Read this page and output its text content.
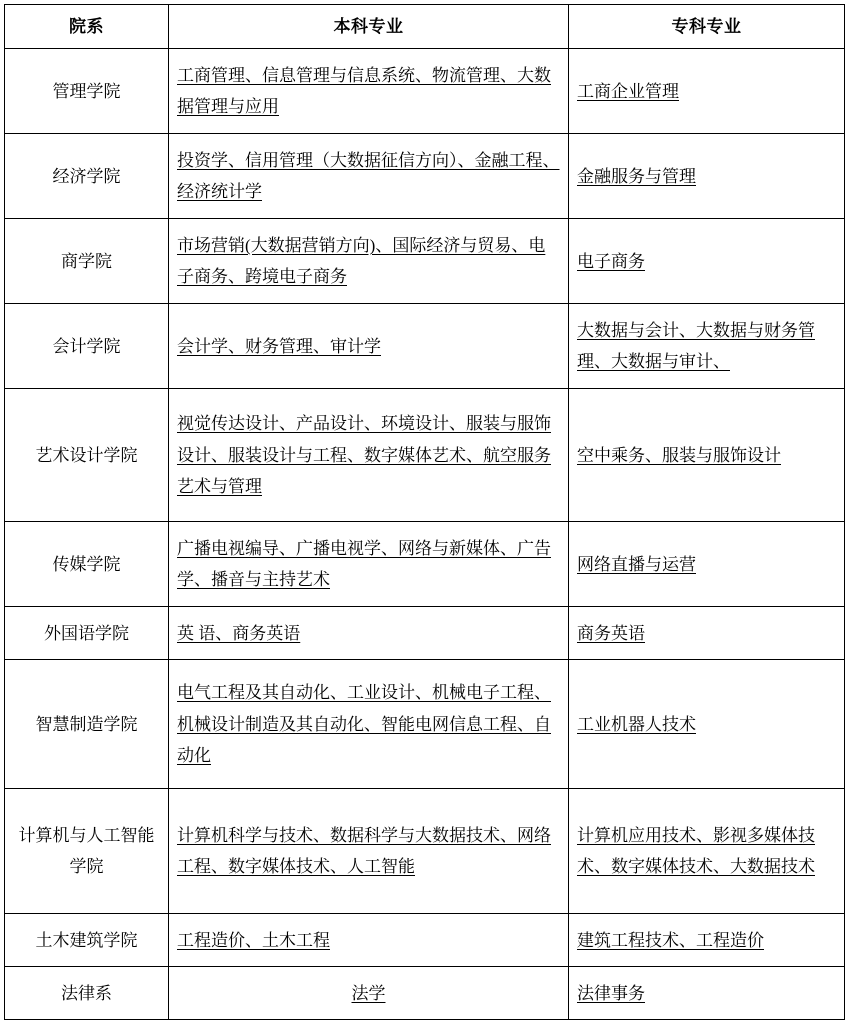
院系	本科专业	专科专业
管理学院	工商管理、信息管理与信息系统、物流管理、大数据管理与应用	工商企业管理
经济学院	投资学、信用管理（大数据征信方向）、金融工程、经济统计学	金融服务与管理
商学院	市场营销(大数据营销方向)、国际经济与贸易、电子商务、跨境电子商务	电子商务
会计学院	会计学、财务管理、审计学	大数据与会计、大数据与财务管理、大数据与审计、
艺术设计学院	视觉传达设计、产品设计、环境设计、服装与服饰设计、服装设计与工程、数字媒体艺术、航空服务艺术与管理	空中乘务、服装与服饰设计
传媒学院	广播电视编导、广播电视学、网络与新媒体、广告学、播音与主持艺术	网络直播与运营
外国语学院	英 语、商务英语	商务英语
智慧制造学院	电气工程及其自动化、工业设计、机械电子工程、机械设计制造及其自动化、智能电网信息工程、自动化	工业机器人技术
计算机与人工智能学院	计算机科学与技术、数据科学与大数据技术、网络工程、数字媒体技术、人工智能	计算机应用技术、影视多媒体技术、数字媒体技术、大数据技术
土木建筑学院	工程造价、土木工程	建筑工程技术、工程造价
法律系	法学	法律事务
